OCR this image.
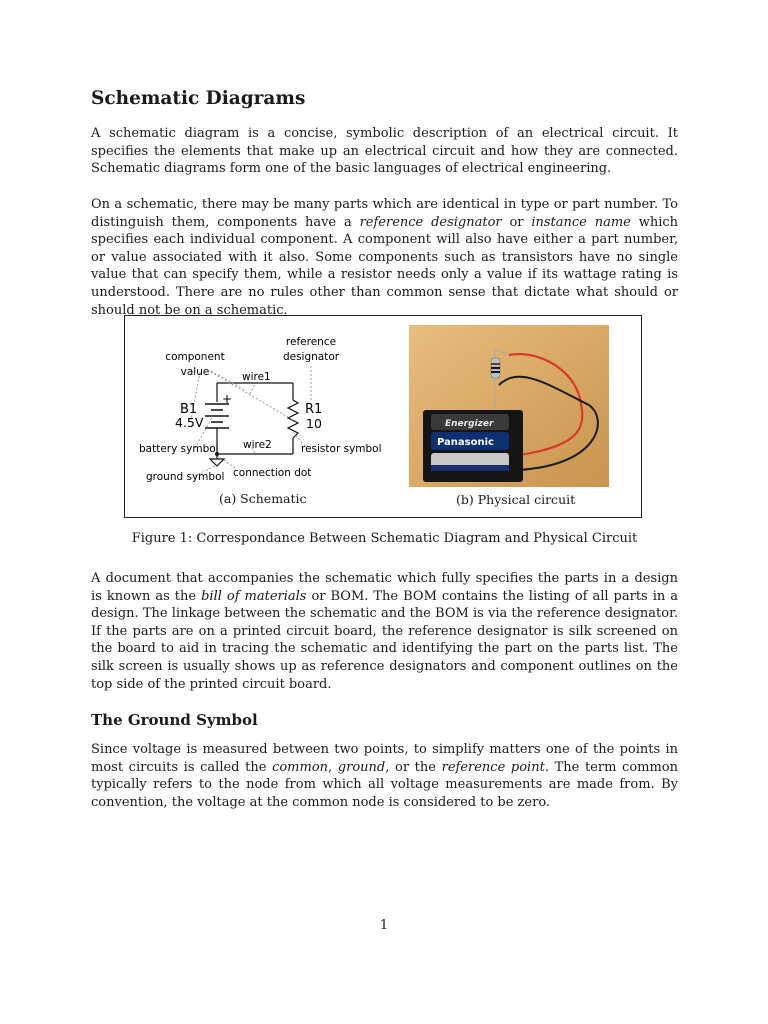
Schematic Diagrams

A schematic diagram is a concise, symbolic description of an electrical circuit. It specifies the elements that make up an electrical circuit and how they are connected. Schematic diagrams form one of the basic languages of electrical engineering.

On a schematic, there may be many parts which are identical in type or part number. To distinguish them, components have a reference designator or instance name which specifies each individual component. A component will also have either a part number, or value associated with it also. Some components such as transistors have no single value that can specify them, while a resistor needs only a value if its wattage rating is understood. There are no rules other than common sense that dictate what should or should not be on a schematic.

reference
designator
component
value	wire1
wire2
+
B1
4.5V
R1
10
battery symbol	resistor symbol
ground symbol connection dot
Energizer
Panasonic
(a) Schematic	(b) Physical circuit
Figure 1: Correspondance Between Schematic Diagram and Physical Circuit

A document that accompanies the schematic which fully specifies the parts in a design is known as the bill of materials or BOM. The BOM contains the listing of all parts in a design. The linkage between the schematic and the BOM is via the reference designator. If the parts are on a printed circuit board, the reference designator is silk screened on the board to aid in tracing the schematic and identifying the part on the parts list. The silk screen is usually shows up as reference designators and component outlines on the top side of the printed circuit board.

The Ground Symbol

Since voltage is measured between two points, to simplify matters one of the points in most circuits is called the common, ground, or the reference point. The term common typically refers to the node from which all voltage measurements are made from. By convention, the voltage at the common node is considered to be zero.

1
